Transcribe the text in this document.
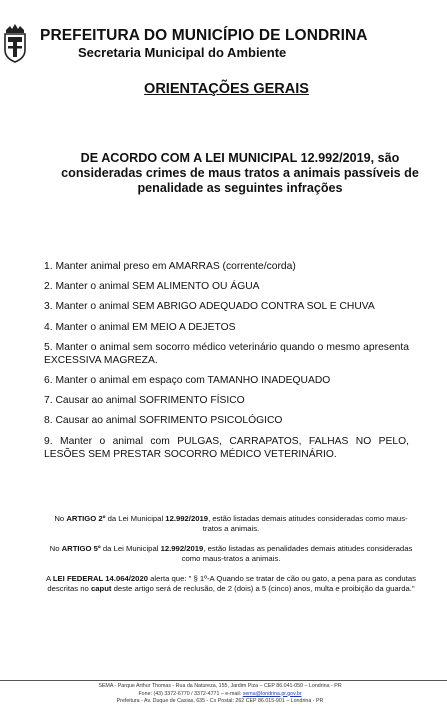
PREFEITURA DO MUNICÍPIO DE LONDRINA
Secretaria Municipal do Ambiente
ORIENTAÇÕES GERAIS
DE ACORDO COM A LEI MUNICIPAL 12.992/2019, são consideradas crimes de maus tratos a animais passíveis de penalidade as seguintes infrações
1. Manter animal preso em AMARRAS (corrente/corda)
2. Manter o animal SEM ALIMENTO OU ÁGUA
3. Manter o animal SEM ABRIGO ADEQUADO CONTRA SOL E CHUVA
4. Manter o animal EM MEIO A DEJETOS
5. Manter o animal sem socorro médico veterinário quando o mesmo apresenta EXCESSIVA MAGREZA.
6. Manter o animal em espaço com TAMANHO INADEQUADO
7. Causar ao animal SOFRIMENTO FÍSICO
8. Causar ao animal SOFRIMENTO PSICOLÓGICO
9. Manter o animal com PULGAS, CARRAPATOS, FALHAS NO PELO, LESÕES SEM PRESTAR SOCORRO MÉDICO VETERINÁRIO.

No ARTIGO 2º da Lei Municipal 12.992/2019, estão listadas demais atitudes consideradas como maus-tratos a animais.

No ARTIGO 5º da Lei Municipal 12.992/2019, estão listadas as penalidades demais atitudes consideradas como maus-tratos a animais.

A LEI FEDERAL 14.064/2020 alerta que: " § 1º-A Quando se tratar de cão ou gato, a pena para as condutas descritas no caput deste artigo será de reclusão, de 2 (dois) a 5 (cinco) anos, multa e proibição da guarda."

SEMA - Parque Arthur Thomas - Rua da Natureza, 155, Jardim Piza – CEP 86.041-050 – Londrina - PR
Fone: (43) 3372-6770 / 3372-4771 – e-mail: sema@londrina.pr.gov.br
Prefeitura - Av. Duque de Caxias, 635 - Cx Postal: 262 CEP 86.015-901 – Londrina - PR
